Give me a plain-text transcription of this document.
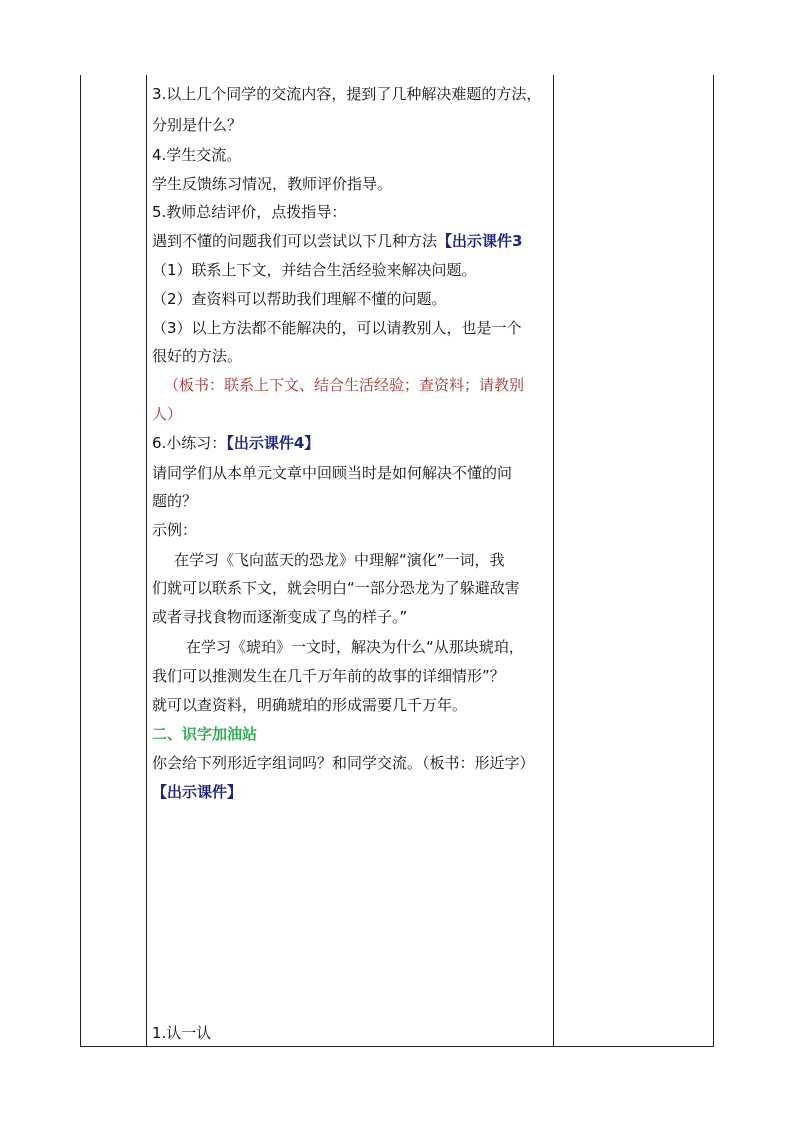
3.以上几个同学的交流内容，提到了几种解决难题的方法，
分别是什么？
4.学生交流。
学生反馈练习情况，教师评价指导。
5.教师总结评价，点拨指导：
遇到不懂的问题我们可以尝试以下几种方法【出示课件3
（1）联系上下文，并结合生活经验来解决问题。
（2）查资料可以帮助我们理解不懂的问题。
（3）以上方法都不能解决的，可以请教别人，也是一个
很好的方法。
（板书：联系上下文、结合生活经验；查资料；请教别
人）
6.小练习：【出示课件4】
请同学们从本单元文章中回顾当时是如何解决不懂的问
题的？
示例：
在学习《飞向蓝天的恐龙》中理解“演化”一词，我
们就可以联系下文，就会明白“一部分恐龙为了躲避敌害
或者寻找食物而逐渐变成了鸟的样子。”
在学习《琥珀》一文时，解决为什么“从那块琥珀，
我们可以推测发生在几千万年前的故事的详细情形”？
就可以查资料，明确琥珀的形成需要几千万年。
二、识字加油站
你会给下列形近字组词吗？和同学交流。（板书：形近字）
【出示课件】
1.认一认
